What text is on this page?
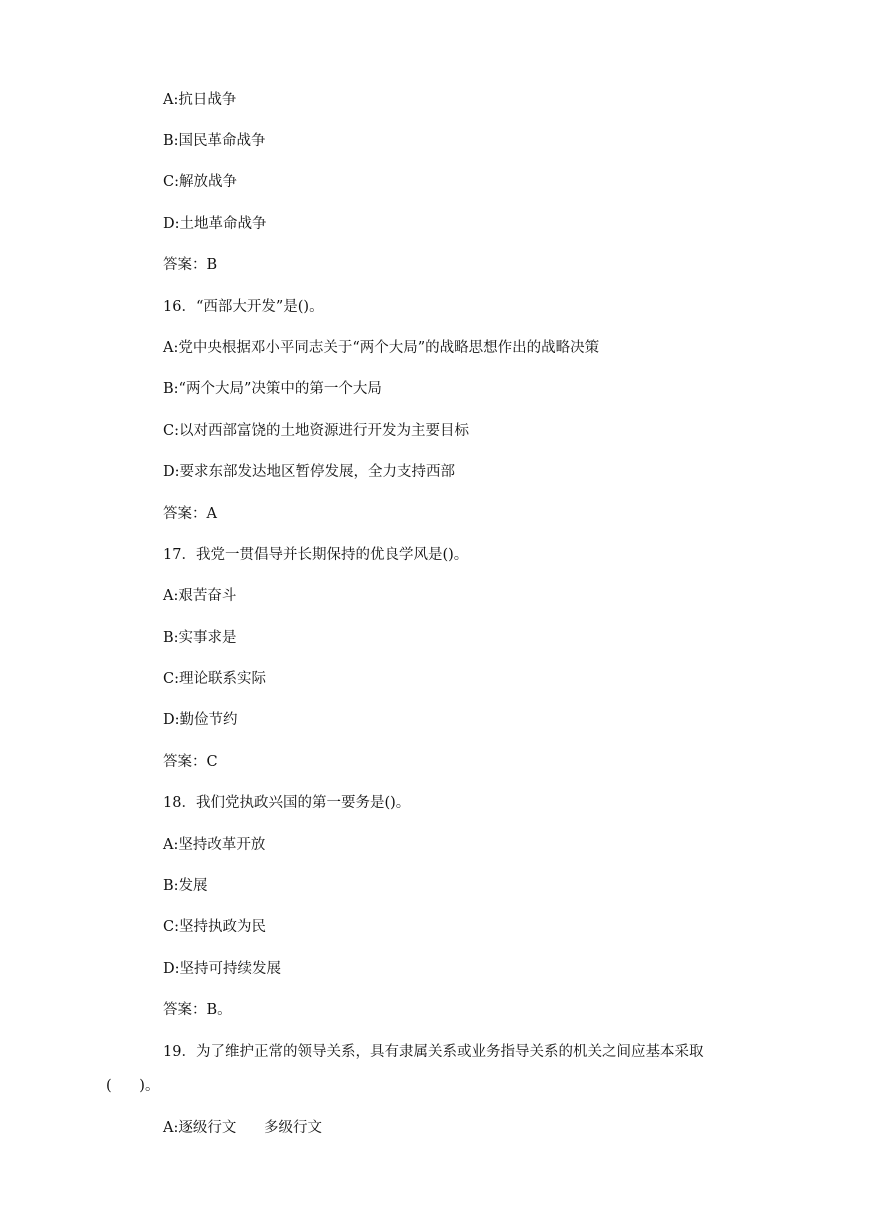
A:抗日战争

B:国民革命战争

C:解放战争

D:土地革命战争

答案：B

16．“西部大开发”是()。

A:党中央根据邓小平同志关于“两个大局”的战略思想作出的战略决策

B:“两个大局”决策中的第一个大局

C:以对西部富饶的土地资源进行开发为主要目标

D:要求东部发达地区暂停发展，全力支持西部

答案：A

17．我党一贯倡导并长期保持的优良学风是()。

A:艰苦奋斗

B:实事求是

C:理论联系实际

D:勤俭节约

答案：C

18．我们党执政兴国的第一要务是()。

A:坚持改革开放

B:发展

C:坚持执政为民

D:坚持可持续发展

答案：B。

19．为了维护正常的领导关系，具有隶属关系或业务指导关系的机关之间应基本采取

(      )。

A:逐级行文      多级行文
